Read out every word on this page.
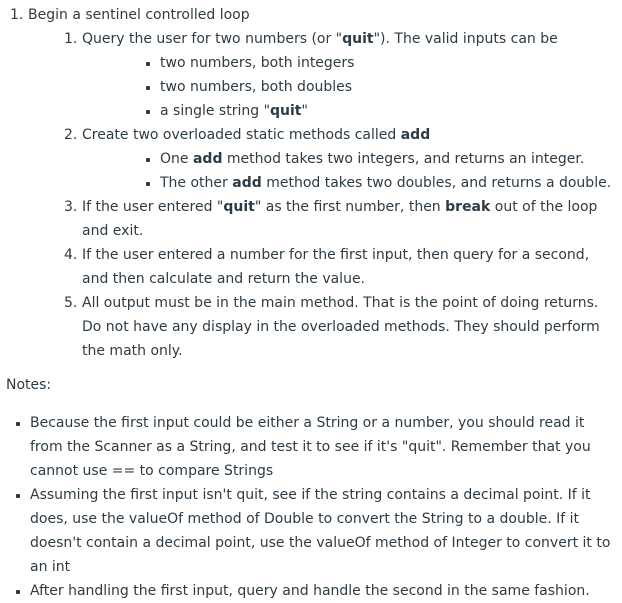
1. Begin a sentinel controlled loop
1. Query the user for two numbers (or "quit"). The valid inputs can be
two numbers, both integers
two numbers, both doubles
a single string "quit"
2. Create two overloaded static methods called add
One add method takes two integers, and returns an integer.
The other add method takes two doubles, and returns a double.
3. If the user entered "quit" as the first number, then break out of the loop and exit.
4. If the user entered a number for the first input, then query for a second, and then calculate and return the value.
5. All output must be in the main method. That is the point of doing returns. Do not have any display in the overloaded methods. They should perform the math only.
Notes:
Because the first input could be either a String or a number, you should read it from the Scanner as a String, and test it to see if it's "quit". Remember that you cannot use == to compare Strings
Assuming the first input isn't quit, see if the string contains a decimal point. If it does, use the valueOf method of Double to convert the String to a double. If it doesn't contain a decimal point, use the valueOf method of Integer to convert it to an int
After handling the first input, query and handle the second in the same fashion.
